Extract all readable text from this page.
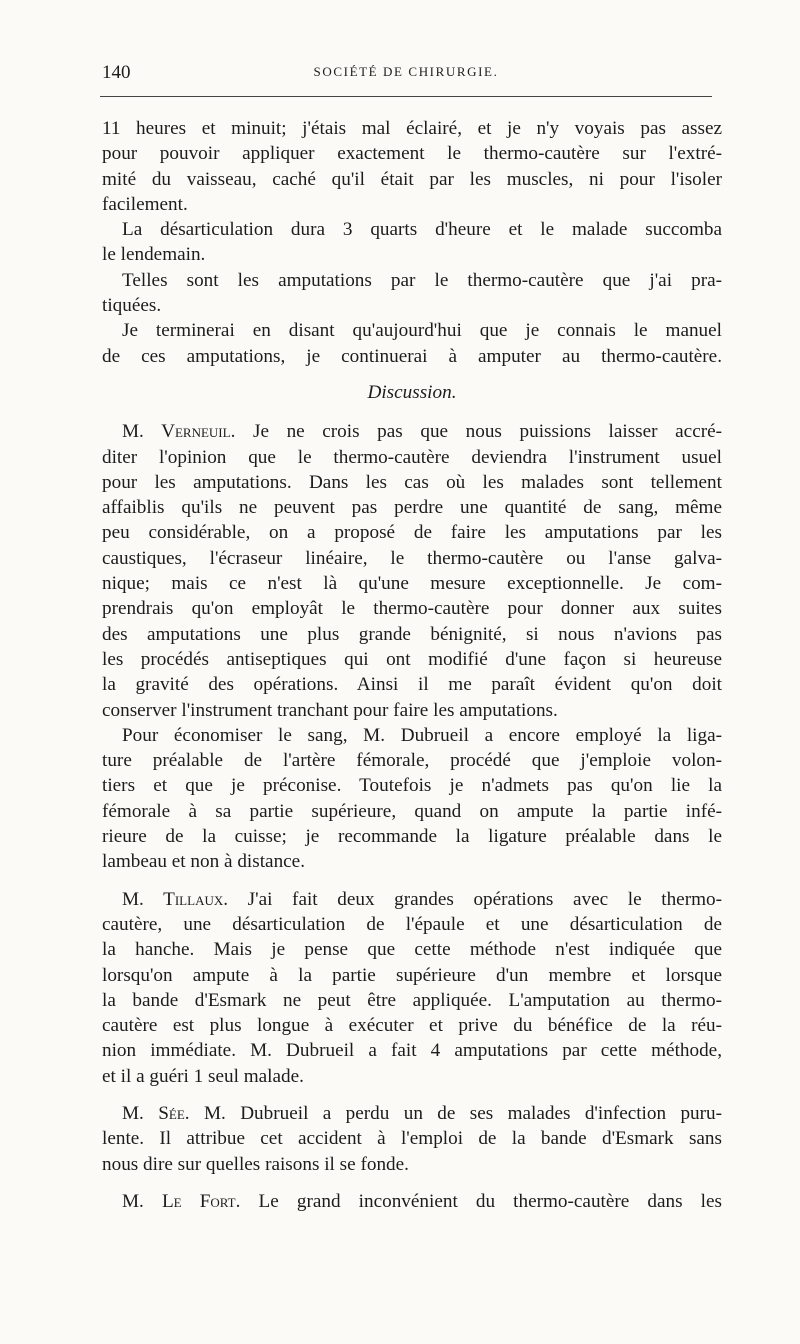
140	SOCIÉTÉ DE CHIRURGIE.
11 heures et minuit; j'étais mal éclairé, et je n'y voyais pas assez
pour pouvoir appliquer exactement le thermo-cautère sur l'extré-
mité du vaisseau, caché qu'il était par les muscles, ni pour l'isoler
facilement.
La désarticulation dura 3 quarts d'heure et le malade succomba
le lendemain.
Telles sont les amputations par le thermo-cautère que j'ai pra-
tiquées.
Je terminerai en disant qu'aujourd'hui que je connais le manuel
de ces amputations, je continuerai à amputer au thermo-cautère.
Discussion.
M. Verneuil. Je ne crois pas que nous puissions laisser accré-
diter l'opinion que le thermo-cautère deviendra l'instrument usuel
pour les amputations. Dans les cas où les malades sont tellement
affaiblis qu'ils ne peuvent pas perdre une quantité de sang, même
peu considérable, on a proposé de faire les amputations par les
caustiques, l'écraseur linéaire, le thermo-cautère ou l'anse galva-
nique; mais ce n'est là qu'une mesure exceptionnelle. Je com-
prendrais qu'on employât le thermo-cautère pour donner aux suites
des amputations une plus grande bénignité, si nous n'avions pas
les procédés antiseptiques qui ont modifié d'une façon si heureuse
la gravité des opérations. Ainsi il me paraît évident qu'on doit
conserver l'instrument tranchant pour faire les amputations.
Pour économiser le sang, M. Dubrueil a encore employé la liga-
ture préalable de l'artère fémorale, procédé que j'emploie volon-
tiers et que je préconise. Toutefois je n'admets pas qu'on lie la
fémorale à sa partie supérieure, quand on ampute la partie infé-
rieure de la cuisse; je recommande la ligature préalable dans le
lambeau et non à distance.
M. Tillaux. J'ai fait deux grandes opérations avec le thermo-
cautère, une désarticulation de l'épaule et une désarticulation de
la hanche. Mais je pense que cette méthode n'est indiquée que
lorsqu'on ampute à la partie supérieure d'un membre et lorsque
la bande d'Esmark ne peut être appliquée. L'amputation au thermo-
cautère est plus longue à exécuter et prive du bénéfice de la réu-
nion immédiate. M. Dubrueil a fait 4 amputations par cette méthode,
et il a guéri 1 seul malade.
M. Sée. M. Dubrueil a perdu un de ses malades d'infection puru-
lente. Il attribue cet accident à l'emploi de la bande d'Esmark sans
nous dire sur quelles raisons il se fonde.
M. Le Fort. Le grand inconvénient du thermo-cautère dans les
